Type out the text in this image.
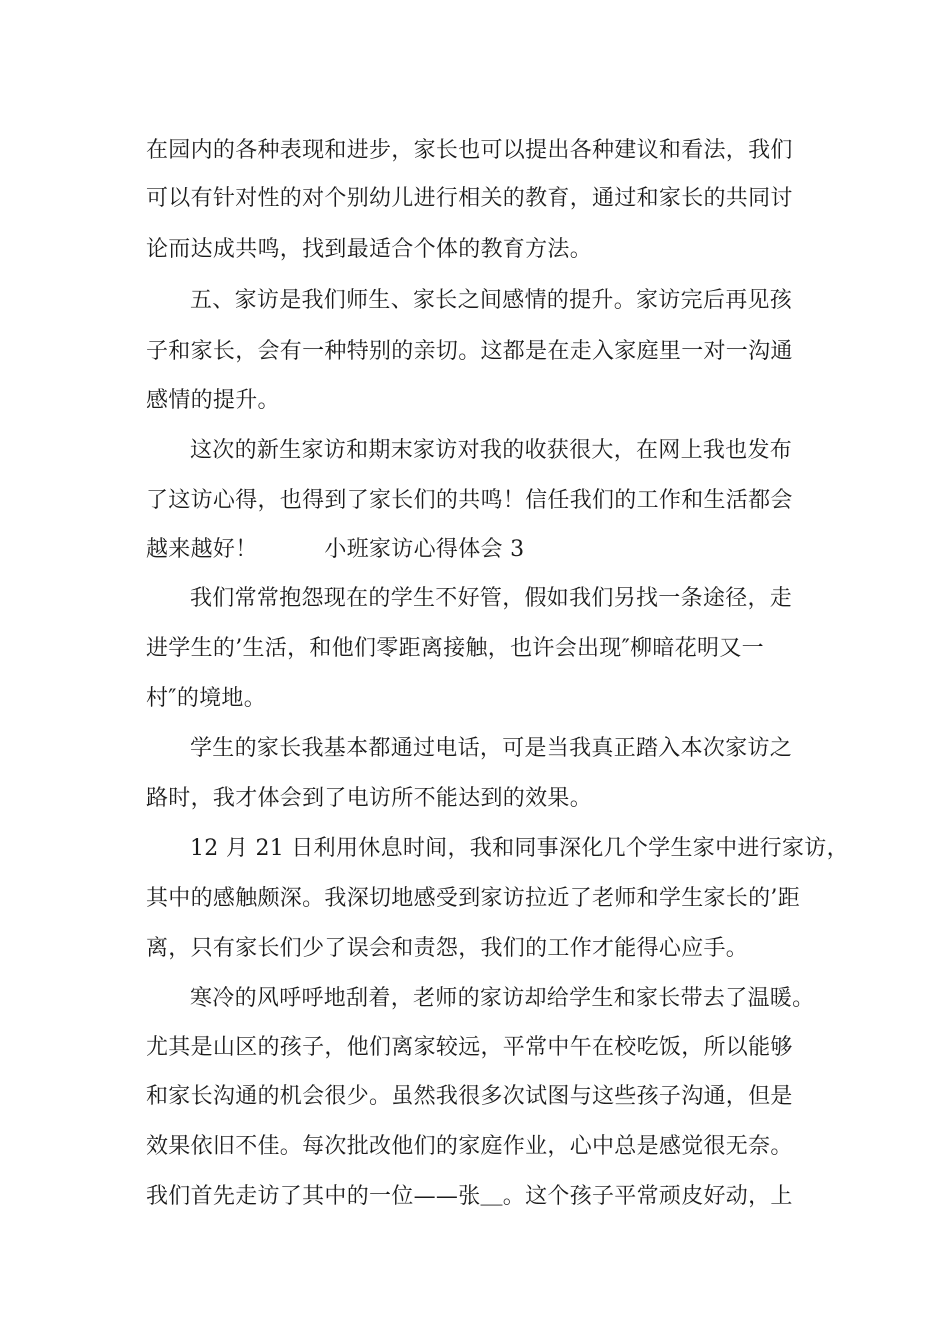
在园内的各种表现和进步，家长也可以提出各种建议和看法，我们
可以有针对性的对个别幼儿进行相关的教育，通过和家长的共同讨
论而达成共鸣，找到最适合个体的教育方法。
五、家访是我们师生、家长之间感情的提升。家访完后再见孩
子和家长，会有一种特别的亲切。这都是在走入家庭里一对一沟通
感情的提升。
这次的新生家访和期末家访对我的收获很大，在网上我也发布
了这访心得，也得到了家长们的共鸣！信任我们的工作和生活都会
越来越好！　　　小班家访心得体会 3
我们常常抱怨现在的学生不好管，假如我们另找一条途径，走
进学生的’生活，和他们零距离接触，也许会出现″柳暗花明又一
村″的境地。
学生的家长我基本都通过电话，可是当我真正踏入本次家访之
路时，我才体会到了电访所不能达到的效果。
12 月 21 日利用休息时间，我和同事深化几个学生家中进行家访，
其中的感触颇深。我深切地感受到家访拉近了老师和学生家长的’距
离，只有家长们少了误会和责怨，我们的工作才能得心应手。
寒冷的风呼呼地刮着，老师的家访却给学生和家长带去了温暖。
尤其是山区的孩子，他们离家较远，平常中午在校吃饭，所以能够
和家长沟通的机会很少。虽然我很多次试图与这些孩子沟通，但是
效果依旧不佳。每次批改他们的家庭作业，心中总是感觉很无奈。
我们首先走访了其中的一位——张＿。这个孩子平常顽皮好动，上
